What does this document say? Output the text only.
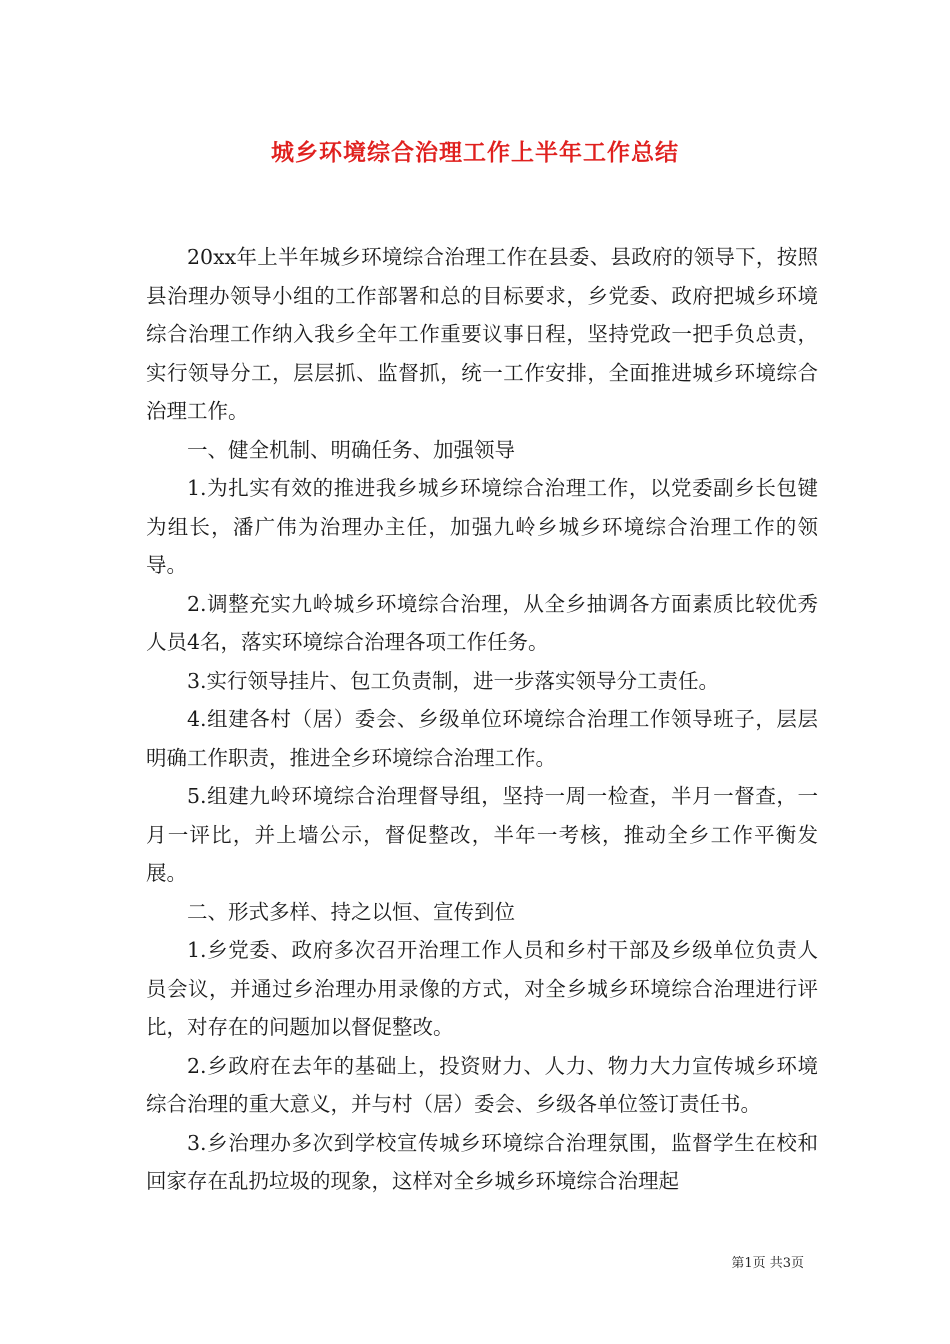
城乡环境综合治理工作上半年工作总结

20xx年上半年城乡环境综合治理工作在县委、县政府的领导下，按照县治理办领导小组的工作部署和总的目标要求，乡党委、政府把城乡环境综合治理工作纳入我乡全年工作重要议事日程，坚持党政一把手负总责，实行领导分工，层层抓、监督抓，统一工作安排，全面推进城乡环境综合治理工作。

一、健全机制、明确任务、加强领导

1.为扎实有效的推进我乡城乡环境综合治理工作，以党委副乡长包键为组长，潘广伟为治理办主任，加强九岭乡城乡环境综合治理工作的领导。

2.调整充实九岭城乡环境综合治理，从全乡抽调各方面素质比较优秀人员4名，落实环境综合治理各项工作任务。

3.实行领导挂片、包工负责制，进一步落实领导分工责任。

4.组建各村（居）委会、乡级单位环境综合治理工作领导班子，层层明确工作职责，推进全乡环境综合治理工作。

5.组建九岭环境综合治理督导组，坚持一周一检查，半月一督查，一月一评比，并上墙公示，督促整改，半年一考核，推动全乡工作平衡发展。

二、形式多样、持之以恒、宣传到位

1.乡党委、政府多次召开治理工作人员和乡村干部及乡级单位负责人员会议，并通过乡治理办用录像的方式，对全乡城乡环境综合治理进行评比，对存在的问题加以督促整改。

2.乡政府在去年的基础上，投资财力、人力、物力大力宣传城乡环境综合治理的重大意义，并与村（居）委会、乡级各单位签订责任书。

3.乡治理办多次到学校宣传城乡环境综合治理氛围，监督学生在校和回家存在乱扔垃圾的现象，这样对全乡城乡环境综合治理起

第1页 共3页
